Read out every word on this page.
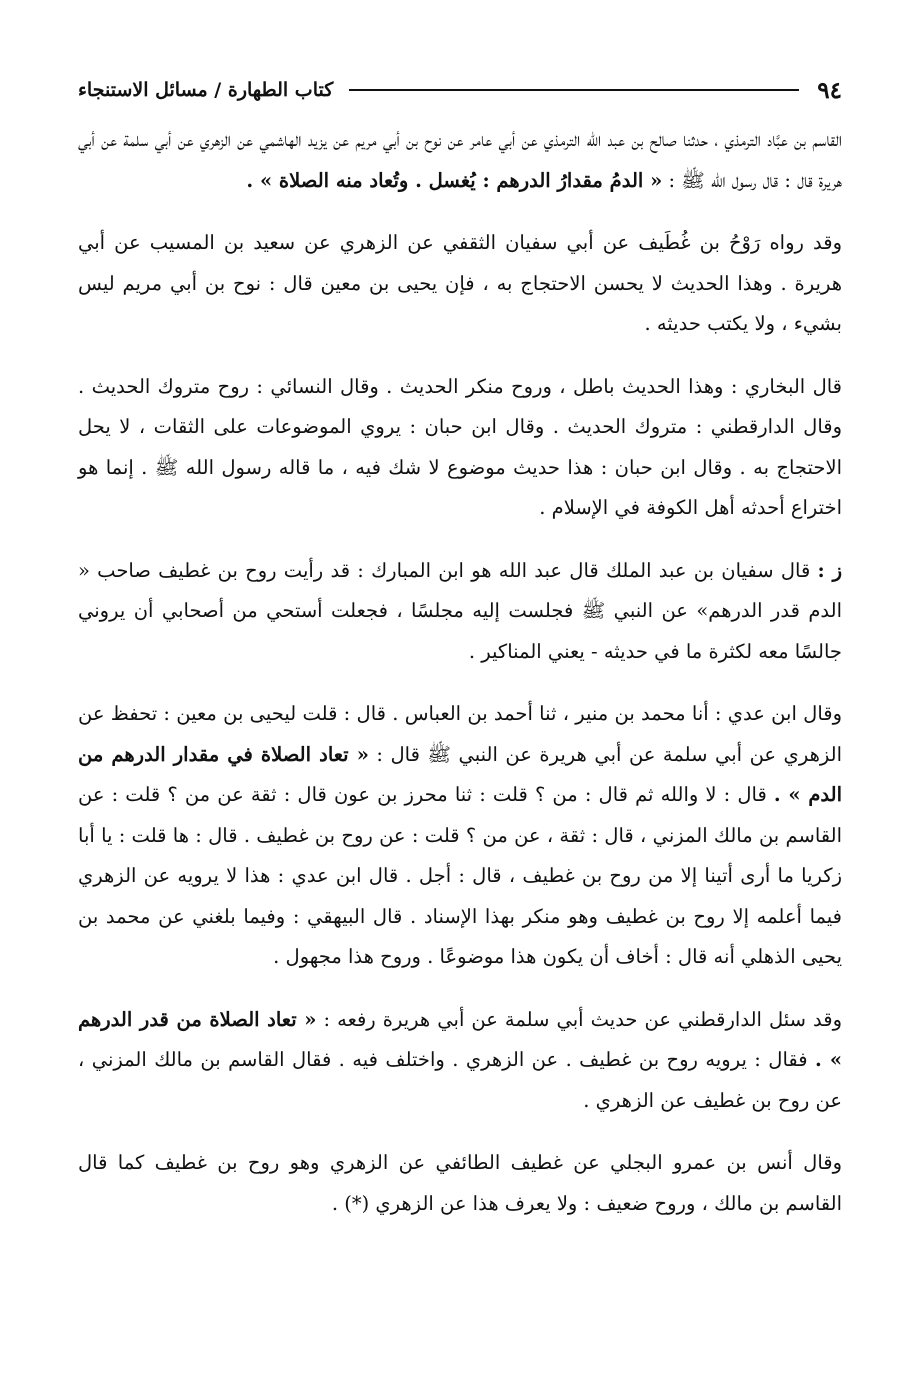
٩٤
كتاب الطهارة / مسائل الاستنجاء

القاسم بن عبَّاد الترمذي ، حدثنا صالح بن عبد الله الترمذي عن أبي عامر عن نوح بن أبي مريم عن يزيد الهاشمي عن الزهري عن أبي سلمة عن أبي هريرة قال : قال رسول الله ﷺ : « الدمُ مقدارُ الدرهم : يُغسل . وتُعاد منه الصلاة » .

وقد رواه رَوْحُ بن غُطَيف عن أبي سفيان الثقفي عن الزهري عن سعيد بن المسيب عن أبي هريرة . وهذا الحديث لا يحسن الاحتجاج به ، فإن يحيى بن معين قال : نوح بن أبي مريم ليس بشيء ، ولا يكتب حديثه .

قال البخاري : وهذا الحديث باطل ، وروح منكر الحديث . وقال النسائي : روح متروك الحديث . وقال الدارقطني : متروك الحديث . وقال ابن حبان : يروي الموضوعات على الثقات ، لا يحل الاحتجاج به . وقال ابن حبان : هذا حديث موضوع لا شك فيه ، ما قاله رسول الله ﷺ . إنما هو اختراع أحدثه أهل الكوفة في الإسلام .

ز : قال سفيان بن عبد الملك قال عبد الله هو ابن المبارك : قد رأيت روح بن غطيف صاحب « الدم قدر الدرهم» عن النبي ﷺ فجلست إليه مجلسًا ، فجعلت أستحي من أصحابي أن يروني جالسًا معه لكثرة ما في حديثه - يعني المناكير .

وقال ابن عدي : أنا محمد بن منير ، ثنا أحمد بن العباس . قال : قلت ليحيى بن معين : تحفظ عن الزهري عن أبي سلمة عن أبي هريرة عن النبي ﷺ قال : « تعاد الصلاة في مقدار الدرهم من الدم » . قال : لا والله ثم قال : من ؟ قلت : ثنا محرز بن عون قال : ثقة عن من ؟ قلت : عن القاسم بن مالك المزني ، قال : ثقة ، عن من ؟ قلت : عن روح بن غطيف . قال : ها قلت : يا أبا زكريا ما أرى أتينا إلا من روح بن غطيف ، قال : أجل . قال ابن عدي : هذا لا يرويه عن الزهري فيما أعلمه إلا روح بن غطيف وهو منكر بهذا الإسناد . قال البيهقي : وفيما بلغني عن محمد بن يحيى الذهلي أنه قال : أخاف أن يكون هذا موضوعًا . وروح هذا مجهول .

وقد سئل الدارقطني عن حديث أبي سلمة عن أبي هريرة رفعه : « تعاد الصلاة من قدر الدرهم » . فقال : يرويه روح بن غطيف . عن الزهري . واختلف فيه . فقال القاسم بن مالك المزني ، عن روح بن غطيف عن الزهري .

وقال أنس بن عمرو البجلي عن غطيف الطائفي عن الزهري وهو روح بن غطيف كما قال القاسم بن مالك ، وروح ضعيف : ولا يعرف هذا عن الزهري (*) .
